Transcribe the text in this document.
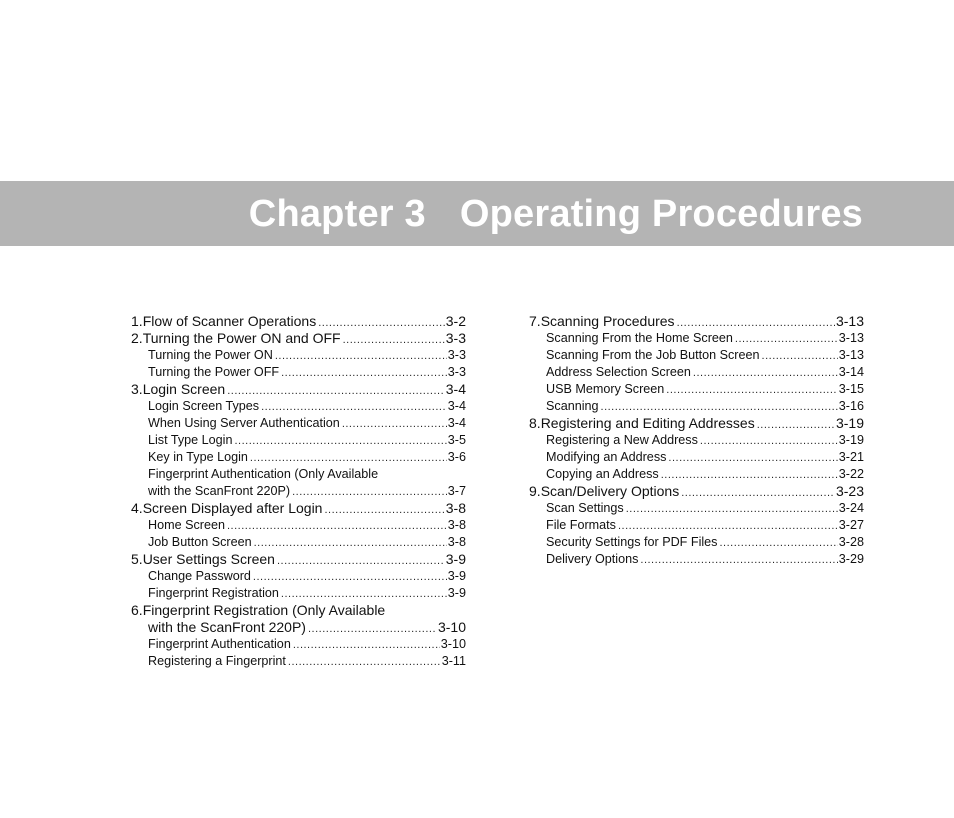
Chapter 3 Operating Procedures
1. Flow of Scanner Operations .....	3-2
2. Turning the Power ON and OFF .....	3-3
Turning the Power ON .....	3-3
Turning the Power OFF .....	3-3
3. Login Screen .....	3-4
Login Screen Types .....	3-4
When Using Server Authentication .....	3-4
List Type Login .....	3-5
Key in Type Login .....	3-6
Fingerprint Authentication (Only Available
with the ScanFront 220P) .....	3-7
4. Screen Displayed after Login .....	3-8
Home Screen .....	3-8
Job Button Screen .....	3-8
5. User Settings Screen .....	3-9
Change Password .....	3-9
Fingerprint Registration .....	3-9
6. Fingerprint Registration (Only Available
with the ScanFront 220P) .....	3-10
Fingerprint Authentication .....	3-10
Registering a Fingerprint .....	3-11
7. Scanning Procedures .....	3-13
Scanning From the Home Screen .....	3-13
Scanning From the Job Button Screen .....	3-13
Address Selection Screen .....	3-14
USB Memory Screen .....	3-15
Scanning .....	3-16
8. Registering and Editing Addresses .....	3-19
Registering a New Address .....	3-19
Modifying an Address .....	3-21
Copying an Address .....	3-22
9. Scan/Delivery Options .....	3-23
Scan Settings .....	3-24
File Formats .....	3-27
Security Settings for PDF Files .....	3-28
Delivery Options .....	3-29
